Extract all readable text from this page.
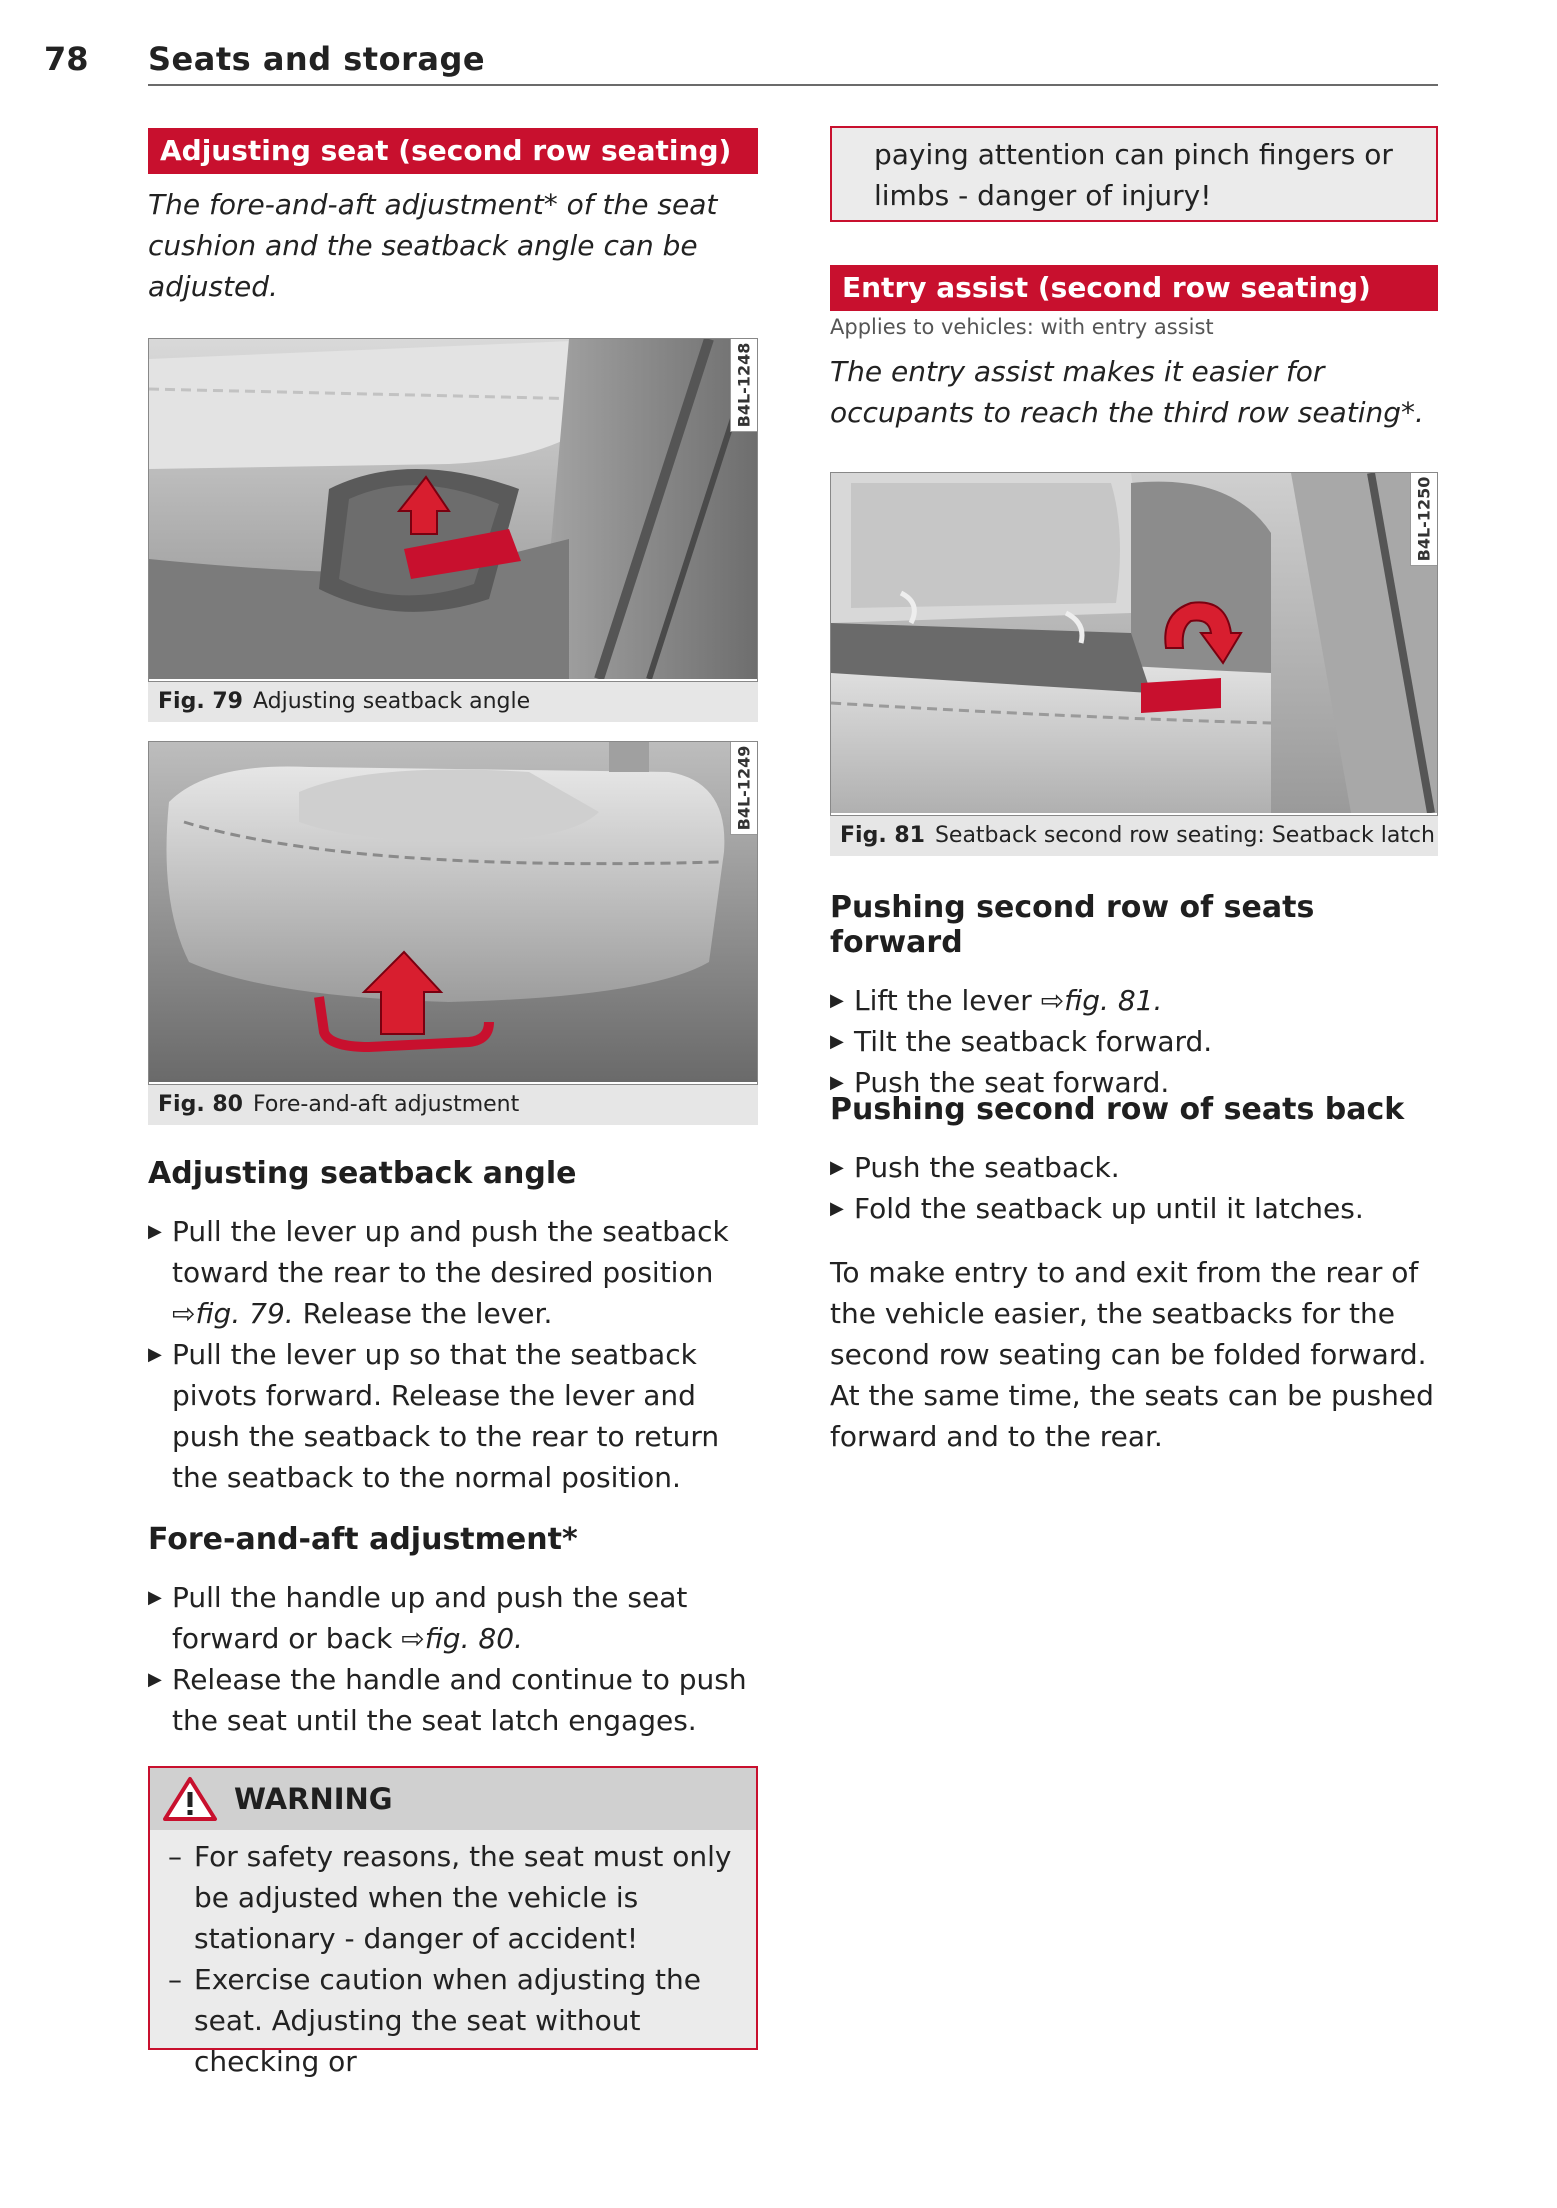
78 Seats and storage
Adjusting seat (second row seating)
The fore-and-aft adjustment* of the seat cushion and the seatback angle can be adjusted.
B4L-1248
Fig. 79 Adjusting seatback angle
B4L-1249
Fig. 80 Fore-and-aft adjustment
Adjusting seatback angle
▶ Pull the lever up and push the seatback toward the rear to the desired position ⇨fig. 79. Release the lever.
▶ Pull the lever up so that the seatback pivots forward. Release the lever and push the seatback to the rear to return the seatback to the normal position.
Fore-and-aft adjustment*
▶ Pull the handle up and push the seat forward or back ⇨fig. 80.
▶ Release the handle and continue to push the seat until the seat latch engages.
WARNING
– For safety reasons, the seat must only be adjusted when the vehicle is stationary - danger of accident!
– Exercise caution when adjusting the seat. Adjusting the seat without checking or
paying attention can pinch fingers or limbs - danger of injury!
Entry assist (second row seating)
Applies to vehicles: with entry assist
The entry assist makes it easier for occupants to reach the third row seating*.
B4L-1250
Fig. 81 Seatback second row seating: Seatback latch
Pushing second row of seats forward
▶ Lift the lever ⇨fig. 81.
▶ Tilt the seatback forward.
▶ Push the seat forward.
Pushing second row of seats back
▶ Push the seatback.
▶ Fold the seatback up until it latches.
To make entry to and exit from the rear of the vehicle easier, the seatbacks for the second row seating can be folded forward. At the same time, the seats can be pushed forward and to the rear.
